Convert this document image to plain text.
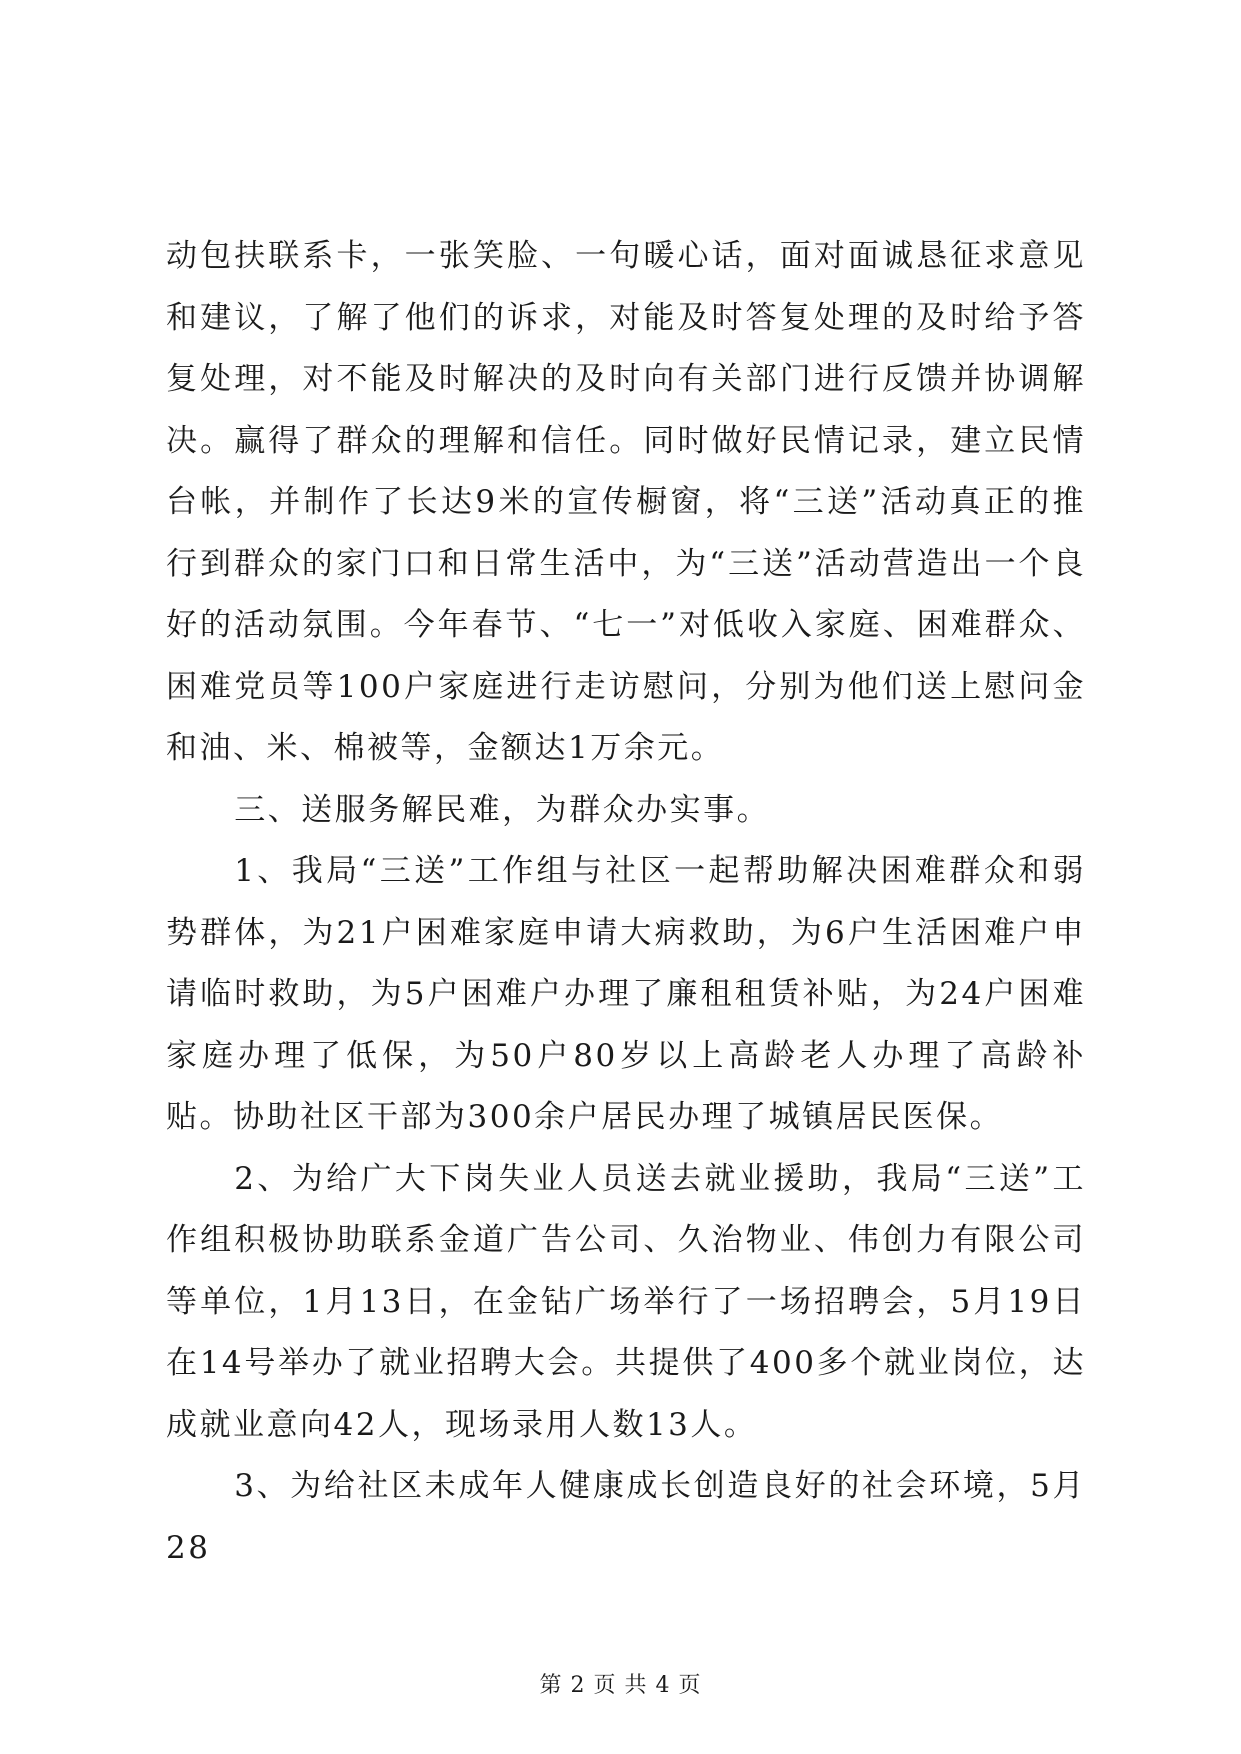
动包扶联系卡，一张笑脸、一句暖心话，面对面诚恳征求意见和建议，了解了他们的诉求，对能及时答复处理的及时给予答复处理，对不能及时解决的及时向有关部门进行反馈并协调解决。赢得了群众的理解和信任。同时做好民情记录，建立民情台帐，并制作了长达9米的宣传橱窗，将“三送”活动真正的推行到群众的家门口和日常生活中，为“三送”活动营造出一个良好的活动氛围。今年春节、“七一”对低收入家庭、困难群众、困难党员等100户家庭进行走访慰问，分别为他们送上慰问金和油、米、棉被等，金额达1万余元。

三、送服务解民难，为群众办实事。

1、我局“三送”工作组与社区一起帮助解决困难群众和弱势群体，为21户困难家庭申请大病救助，为6户生活困难户申请临时救助，为5户困难户办理了廉租租赁补贴，为24户困难家庭办理了低保，为50户80岁以上高龄老人办理了高龄补贴。协助社区干部为300余户居民办理了城镇居民医保。

2、为给广大下岗失业人员送去就业援助，我局“三送”工作组积极协助联系金道广告公司、久治物业、伟创力有限公司等单位，1月13日，在金钻广场举行了一场招聘会，5月19日在14号举办了就业招聘大会。共提供了400多个就业岗位，达成就业意向42人，现场录用人数13人。

3、为给社区未成年人健康成长创造良好的社会环境，5月28

第 2 页 共 4 页
